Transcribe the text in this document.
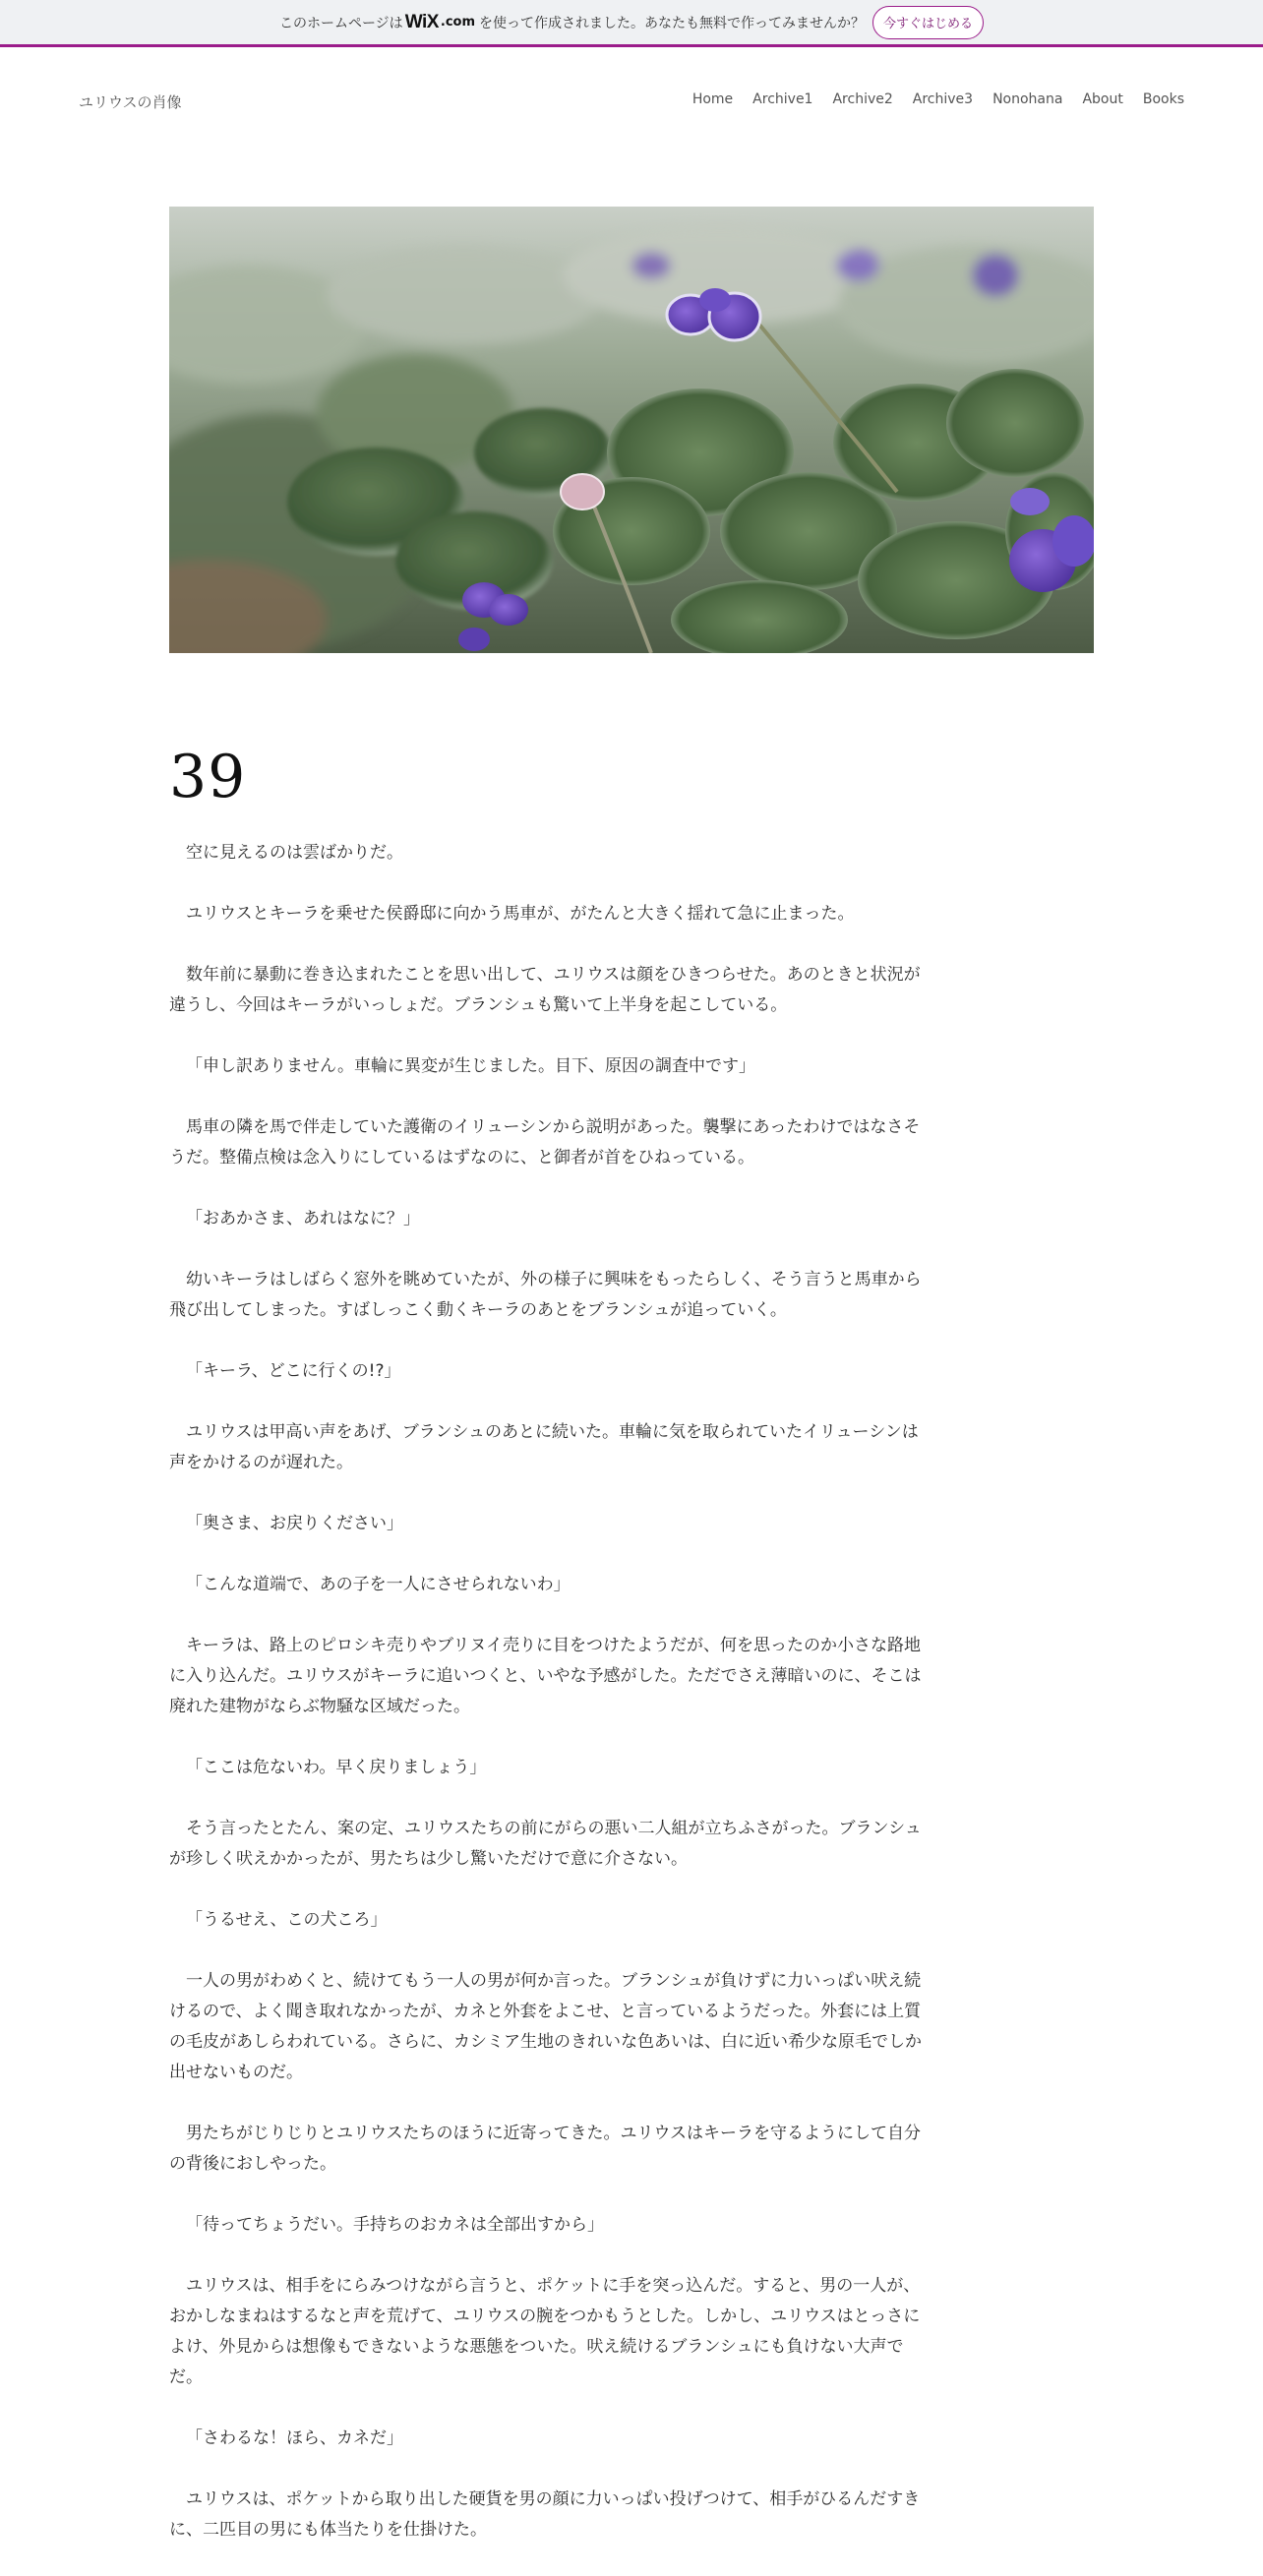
このホームページは WiX .com を使って作成されました。あなたも無料で作ってみませんか？	今すぐはじめる
ユリウスの肖像	Home Archive1 Archive2 Archive3 Nonohana About Books
39

空に見えるのは雲ばかりだ。

ユリウスとキーラを乗せた侯爵邸に向かう馬車が、がたんと大きく揺れて急に止まった。

数年前に暴動に巻き込まれたことを思い出して、ユリウスは顔をひきつらせた。あのときと状況が違うし、今回はキーラがいっしょだ。ブランシュも驚いて上半身を起こしている。

「申し訳ありません。車輪に異変が生じました。目下、原因の調査中です」

馬車の隣を馬で伴走していた護衛のイリューシンから説明があった。襲撃にあったわけではなさそうだ。整備点検は念入りにしているはずなのに、と御者が首をひねっている。

「おあかさま、あれはなに？」

幼いキーラはしばらく窓外を眺めていたが、外の様子に興味をもったらしく、そう言うと馬車から飛び出してしまった。すばしっこく動くキーラのあとをブランシュが追っていく。

「キーラ、どこに行くの!?」

ユリウスは甲高い声をあげ、ブランシュのあとに続いた。車輪に気を取られていたイリューシンは声をかけるのが遅れた。

「奥さま、お戻りください」

「こんな道端で、あの子を一人にさせられないわ」

キーラは、路上のピロシキ売りやブリヌイ売りに目をつけたようだが、何を思ったのか小さな路地に入り込んだ。ユリウスがキーラに追いつくと、いやな予感がした。ただでさえ薄暗いのに、そこは廃れた建物がならぶ物騒な区域だった。

「ここは危ないわ。早く戻りましょう」

そう言ったとたん、案の定、ユリウスたちの前にがらの悪い二人組が立ちふさがった。ブランシュが珍しく吠えかかったが、男たちは少し驚いただけで意に介さない。

「うるせえ、この犬ころ」

一人の男がわめくと、続けてもう一人の男が何か言った。ブランシュが負けずに力いっぱい吠え続けるので、よく聞き取れなかったが、カネと外套をよこせ、と言っているようだった。外套には上質の毛皮があしらわれている。さらに、カシミア生地のきれいな色あいは、白に近い希少な原毛でしか出せないものだ。

男たちがじりじりとユリウスたちのほうに近寄ってきた。ユリウスはキーラを守るようにして自分の背後におしやった。

「待ってちょうだい。手持ちのおカネは全部出すから」

ユリウスは、相手をにらみつけながら言うと、ポケットに手を突っ込んだ。すると、男の一人が、おかしなまねはするなと声を荒げて、ユリウスの腕をつかもうとした。しかし、ユリウスはとっさによけ、外見からは想像もできないような悪態をついた。吠え続けるブランシュにも負けない大声でだ。

「さわるな！ほら、カネだ」

ユリウスは、ポケットから取り出した硬貨を男の顔に力いっぱい投げつけて、相手がひるんだすきに、二匹目の男にも体当たりを仕掛けた。
